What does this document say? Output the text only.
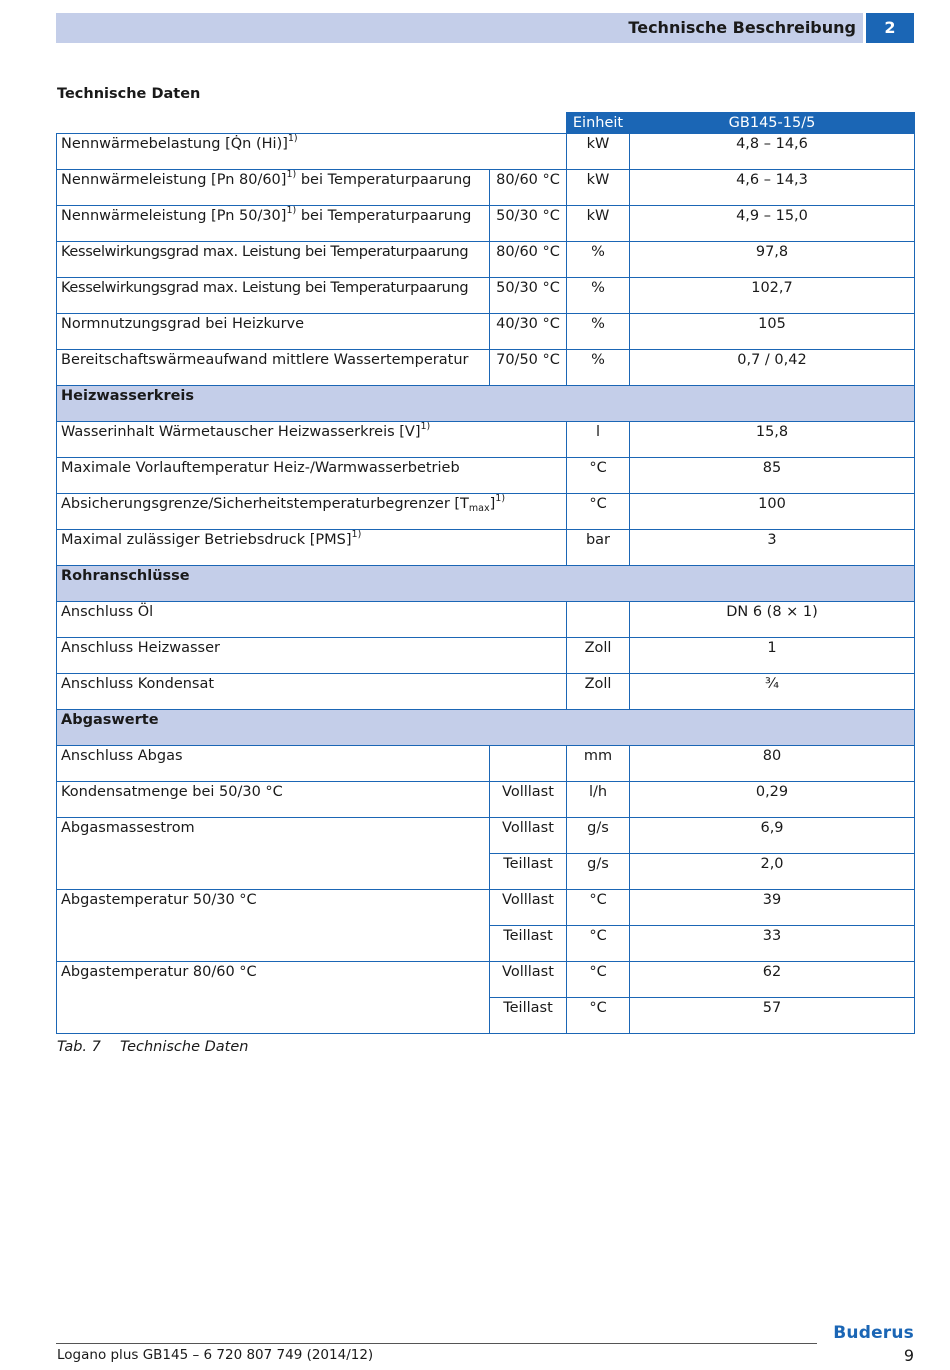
Technische Beschreibung	2
Technische Daten
		Einheit	GB145-15/5
Nennwärmebelastung [Q̇n (Hi)]$^{1)}$		kW	4,8 – 14,6
Nennwärmeleistung [Pn 80/60]$^{1)}$ bei Temperaturpaarung	80/60 °C	kW	4,6 – 14,3
Nennwärmeleistung [Pn 50/30]$^{1)}$ bei Temperaturpaarung	50/30 °C	kW	4,9 – 15,0
Kesselwirkungsgrad max. Leistung bei Temperaturpaarung	80/60 °C	%	97,8
Kesselwirkungsgrad max. Leistung bei Temperaturpaarung	50/30 °C	%	102,7
Normnutzungsgrad bei Heizkurve	40/30 °C	%	105
Bereitschaftswärmeaufwand mittlere Wassertemperatur	70/50 °C	%	0,7 / 0,42
Heizwasserkreis			
Wasserinhalt Wärmetauscher Heizwasserkreis $[V]^{1)}$		l	15,8
Maximale Vorlauftemperatur Heiz-/Warmwasserbetrieb		°C	85
Absicherungsgrenze/Sicherheitstemperaturbegrenzer $[T_{max}]^{1)}$		°C	100
Maximal zulässiger Betriebsdruck [PMS]$^{1)}$		bar	3
Rohranschlüsse			
Anschluss Öl			DN 6 (8 × 1)
Anschluss Heizwasser		Zoll	1
Anschluss Kondensat		Zoll	¾
Abgaswerte			
Anschluss Abgas		mm	80
Kondensatmenge bei 50/30 °C	Volllast	l/h	0,29
Abgasmassestrom	Volllast	g/s	6,9
	Teillast	g/s	2,0
Abgastemperatur 50/30 °C	Volllast	°C	39
	Teillast	°C	33
Abgastemperatur 80/60 °C	Volllast	°C	62
	Teillast	°C	57
Tab. 7 Technische Daten
Logano plus GB145 – 6 720 807 749 (2014/12)
Buderus
9
